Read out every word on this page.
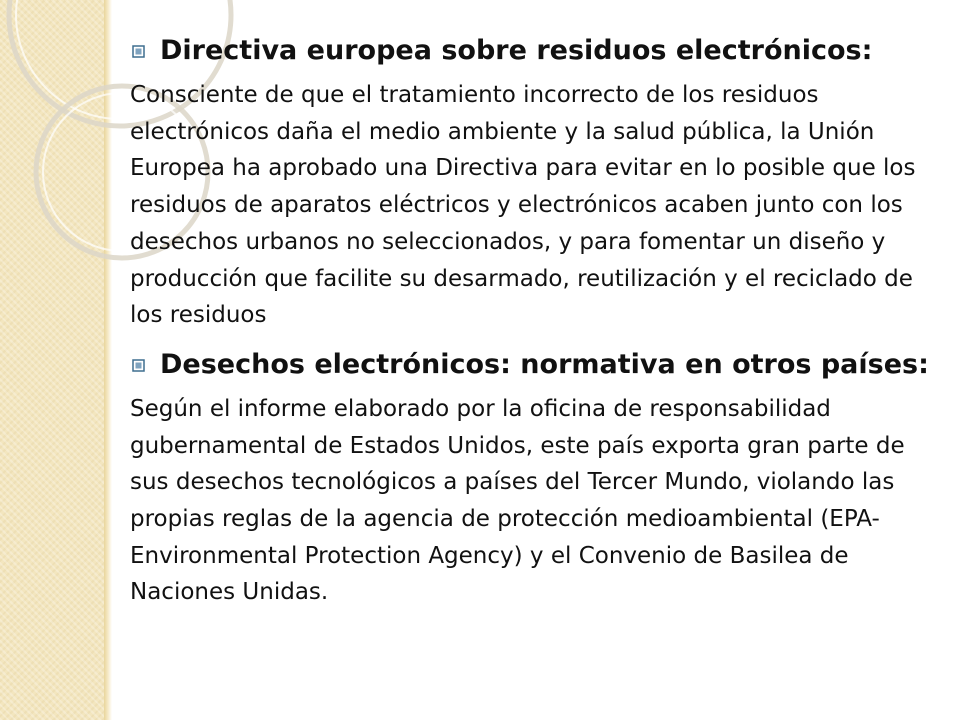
Directiva europea sobre residuos electrónicos:

Consciente de que el tratamiento incorrecto de los residuos electrónicos daña el medio ambiente y la salud pública, la Unión Europea ha aprobado una Directiva para evitar en lo posible que los residuos de aparatos eléctricos y electrónicos acaben junto con los desechos urbanos no seleccionados, y para fomentar un diseño y producción que facilite su desarmado, reutilización y el reciclado de los residuos

Desechos electrónicos: normativa en otros países:

Según el informe elaborado por la oficina de responsabilidad gubernamental de Estados Unidos, este país exporta gran parte de sus desechos tecnológicos a países del Tercer Mundo, violando las propias reglas de la agencia de protección medioambiental (EPA- Environmental Protection Agency) y el Convenio de Basilea de Naciones Unidas.
